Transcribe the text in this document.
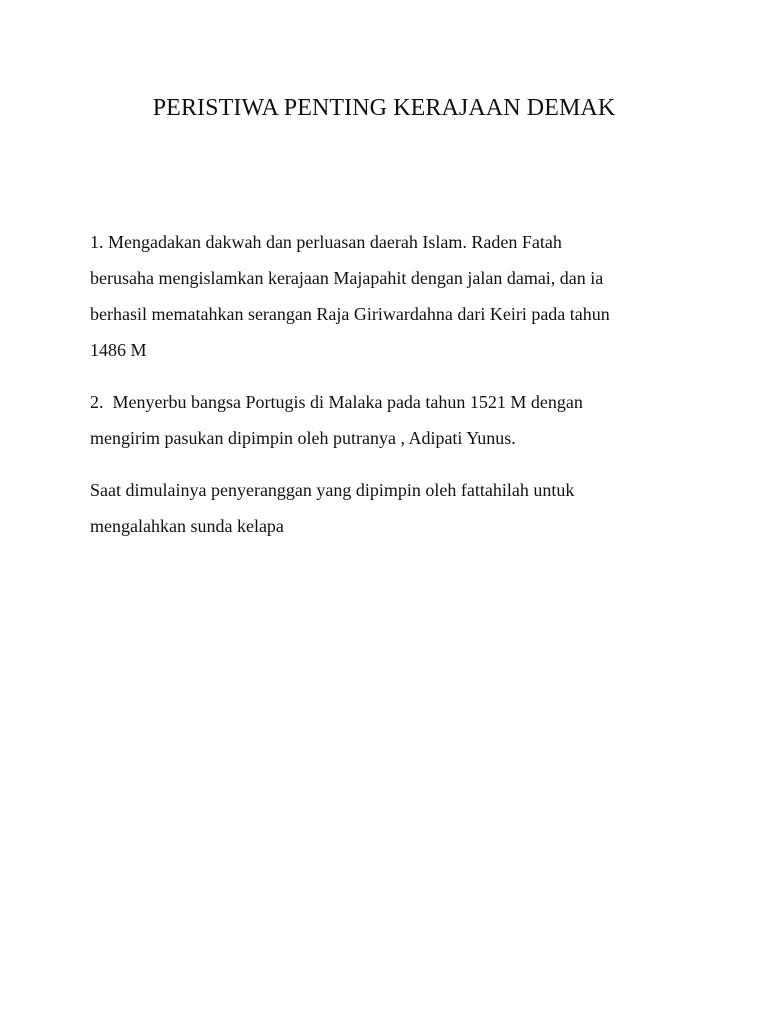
PERISTIWA PENTING KERAJAAN DEMAK

1. Mengadakan dakwah dan perluasan daerah Islam. Raden Fatah
berusaha mengislamkan kerajaan Majapahit dengan jalan damai, dan ia
berhasil mematahkan serangan Raja Giriwardahna dari Keiri pada tahun
1486 M

2.  Menyerbu bangsa Portugis di Malaka pada tahun 1521 M dengan
mengirim pasukan dipimpin oleh putranya , Adipati Yunus.

Saat dimulainya penyeranggan yang dipimpin oleh fattahilah untuk
mengalahkan sunda kelapa
